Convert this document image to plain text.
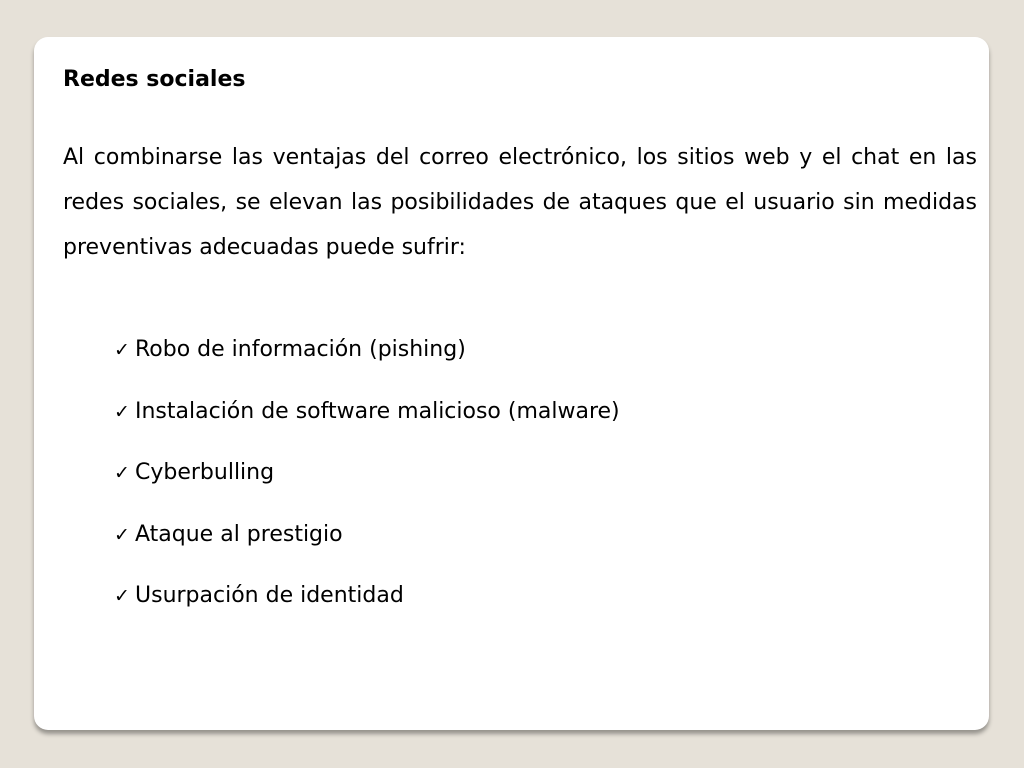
Redes sociales

Al combinarse las ventajas del correo electrónico, los sitios web y el chat en las redes sociales, se elevan las posibilidades de ataques que el usuario sin medidas preventivas adecuadas puede sufrir:

✓ Robo de información (pishing)
✓ Instalación de software malicioso (malware)
✓ Cyberbulling
✓ Ataque al prestigio
✓ Usurpación de identidad
